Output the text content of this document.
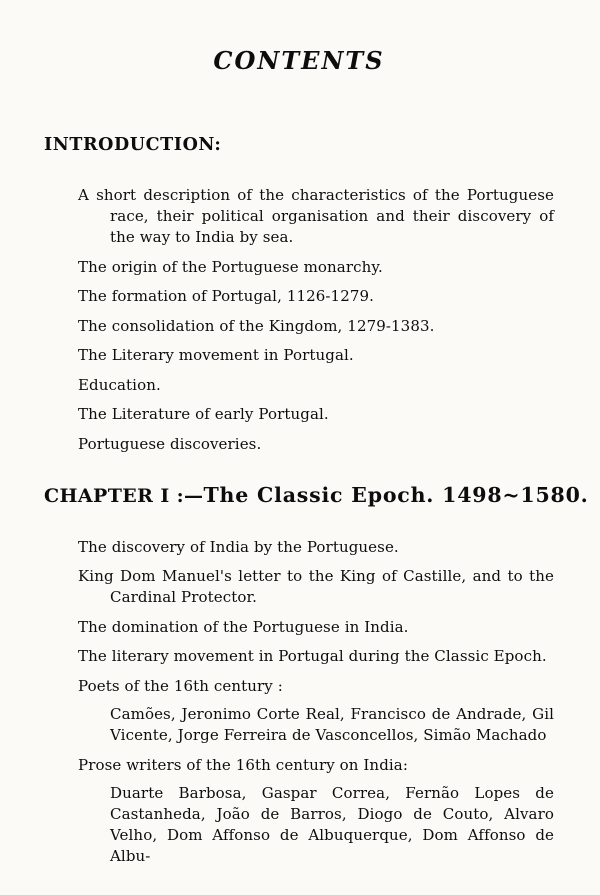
CONTENTS
INTRODUCTION:

A short description of the characteristics of the Portuguese race, their political organisation and their discovery of the way to India by sea.

The origin of the Portuguese monarchy.

The formation of Portugal, 1126-1279.

The consolidation of the Kingdom, 1279-1383.

The Literary movement in Portugal.

Education.

The Literature of early Portugal.

Portuguese discoveries.

CHAPTER I :—The Classic Epoch. 1498~1580.

The discovery of India by the Portuguese.

King Dom Manuel's letter to the King of Castille, and to the Cardinal Protector.

The domination of the Portuguese in India.

The literary movement in Portugal during the Classic Epoch.

Poets of the 16th century :

Camões, Jeronimo Corte Real, Francisco de Andrade, Gil Vicente, Jorge Ferreira de Vasconcellos, Simão Machado

Prose writers of the 16th century on India:

Duarte Barbosa, Gaspar Correa, Fernão Lopes de Castanheda, João de Barros, Diogo de Couto, Alvaro Velho, Dom Affonso de Albuquerque, Dom Affonso de Albu-
